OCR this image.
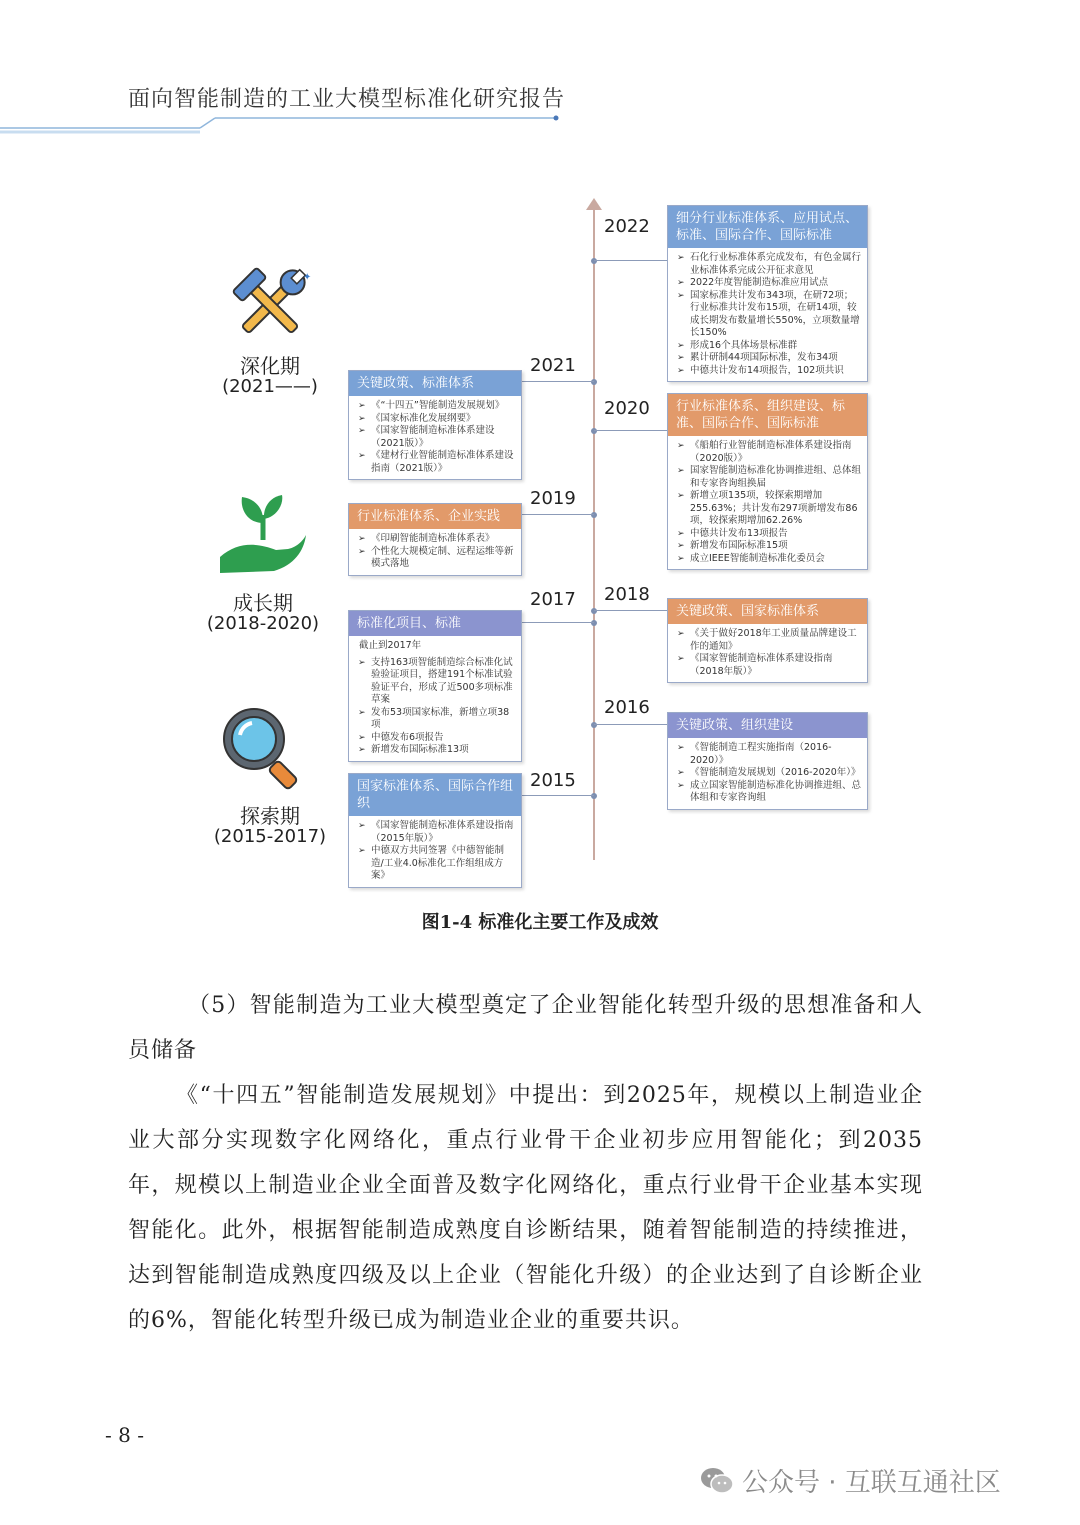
面向智能制造的工业大模型标准化研究报告
✦
深化期
(2021——)
成长期
(2018-2020)
探索期
(2015-2017)
2022
2021
2020
2019
2018
2017
2016
2015
细分行业标准体系、应用试点、标准、国际合作、国际标准
➢ 石化行业标准体系完成发布，有色金属行业标准体系完成公开征求意见
➢ 2022年度智能制造标准应用试点
➢ 国家标准共计发布343项，在研72项；行业标准共计发布15项，在研14项，较成长期发布数量增长550%，立项数量增长150%
➢ 形成16个具体场景标准群
➢ 累计研制44项国际标准，发布34项
➢ 中德共计发布14项报告，102项共识
行业标准体系、组织建设、标准、国际合作、国际标准
➢ 《船舶行业智能制造标准体系建设指南（2020版）》
➢ 国家智能制造标准化协调推进组、总体组和专家咨询组换届
➢ 新增立项135项，较探索期增加255.63%；共计发布297项新增发布86项，较探索期增加62.26%
➢ 中德共计发布13项报告
➢ 新增发布国际标准15项
➢ 成立IEEE智能制造标准化委员会
关键政策、国家标准体系
➢ 《关于做好2018年工业质量品牌建设工作的通知》
➢ 《国家智能制造标准体系建设指南（2018年版）》
关键政策、组织建设
➢ 《智能制造工程实施指南（2016-2020）》
➢ 《智能制造发展规划（2016-2020年）》
➢ 成立国家智能制造标准化协调推进组、总体组和专家咨询组
关键政策、标准体系
➢ 《“十四五”智能制造发展规划》
➢ 《国家标准化发展纲要》
➢ 《国家智能制造标准体系建设（2021版）》
➢ 《建材行业智能制造标准体系建设指南（2021版）》
行业标准体系、企业实践
➢ 《印刷智能制造标准体系表》
➢ 个性化大规模定制、远程运维等新模式落地
标准化项目、标准

截止到2017年

➢ 支持163项智能制造综合标准化试验验证项目，搭建191个标准试验验证平台，形成了近500多项标准草案
➢ 发布53项国家标准，新增立项38项
➢ 中德发布6项报告
➢ 新增发布国际标准13项
国家标准体系、国际合作组织
➢ 《国家智能制造标准体系建设指南（2015年版）》
➢ 中德双方共同签署《中德智能制造/工业4.0标准化工作组组成方案》
图1-4 标准化主要工作及成效
（5）智能制造为工业大模型奠定了企业智能化转型升级的思想准备和人员储备
《“十四五”智能制造发展规划》中提出：到2025年，规模以上制造业企业大部分实现数字化网络化，重点行业骨干企业初步应用智能化；到2035年，规模以上制造业企业全面普及数字化网络化，重点行业骨干企业基本实现智能化。此外，根据智能制造成熟度自诊断结果，随着智能制造的持续推进，达到智能制造成熟度四级及以上企业（智能化升级）的企业达到了自诊断企业的6%，智能化转型升级已成为制造业企业的重要共识。
- 8 -
公众号 · 互联互通社区
